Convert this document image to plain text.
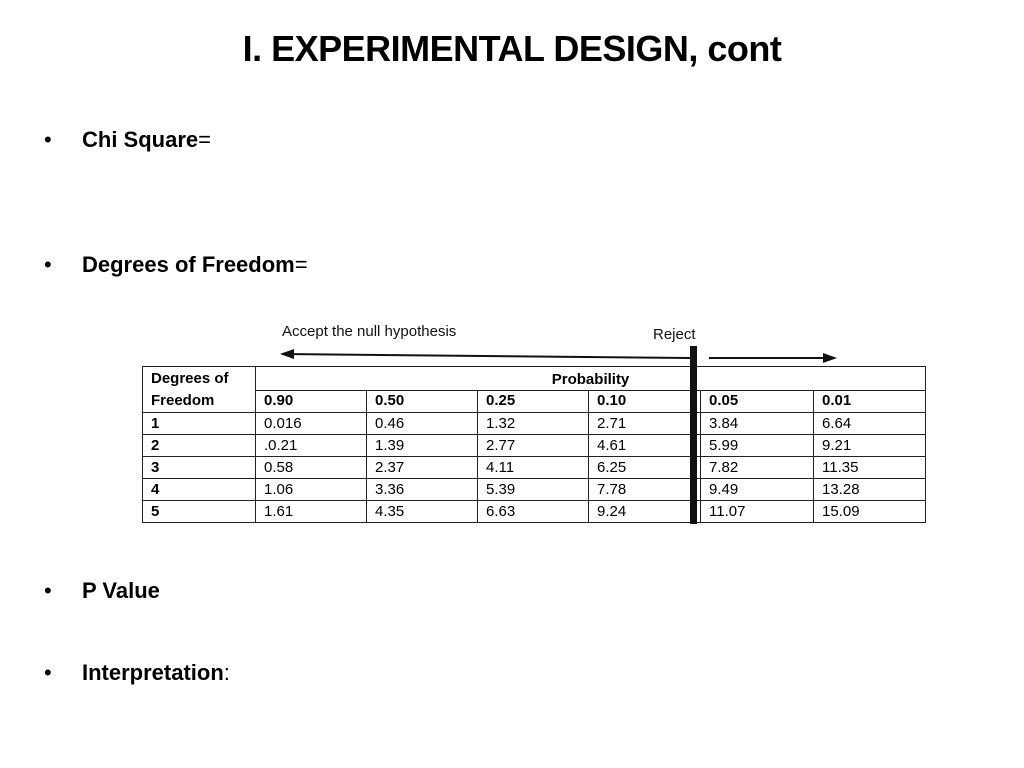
I. EXPERIMENTAL DESIGN, cont
•	Chi Square =
•	Degrees of Freedom =
Accept the null hypothesis	Reject
Degrees of
Freedom	Probability					
	0.90	0.50	0.25	0.10	0.05	0.01
1	0.016	0.46	1.32	2.71	3.84	6.64
2	.0.21	1.39	2.77	4.61	5.99	9.21
3	0.58	2.37	4.11	6.25	7.82	11.35
4	1.06	3.36	5.39	7.78	9.49	13.28
5	1.61	4.35	6.63	9.24	11.07	15.09
•	P Value
•	Interpretation :
